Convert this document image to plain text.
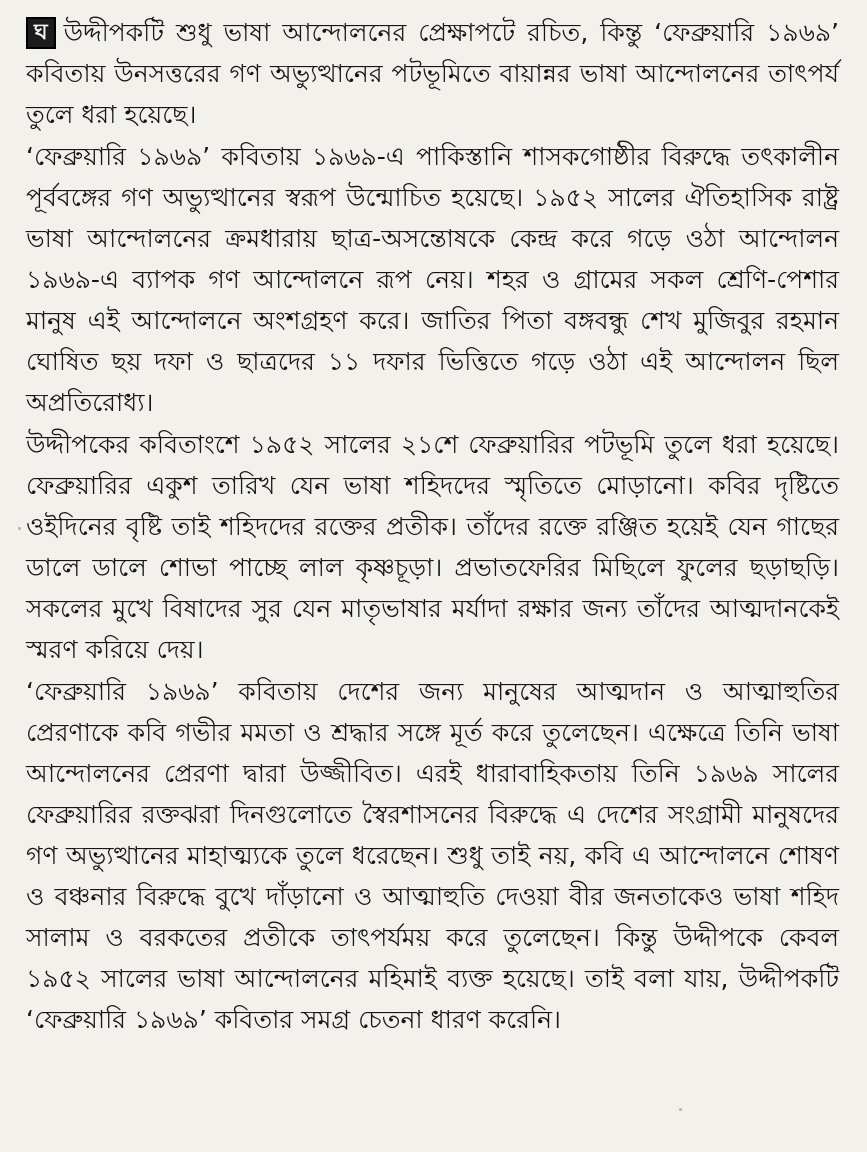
ঘ উদ্দীপকটি শুধু ভাষা আন্দোলনের প্রেক্ষাপটে রচিত, কিন্তু ‘ফেব্রুয়ারি ১৯৬৯’ কবিতায় উনসত্তরের গণ অভ্যুত্থানের পটভূমিতে বায়ান্নর ভাষা আন্দোলনের তাৎপর্য তুলে ধরা হয়েছে।

‘ফেব্রুয়ারি ১৯৬৯’ কবিতায় ১৯৬৯-এ পাকিস্তানি শাসকগোষ্ঠীর বিরুদ্ধে তৎকালীন পূর্ববঙ্গের গণ অভ্যুত্থানের স্বরূপ উন্মোচিত হয়েছে। ১৯৫২ সালের ঐতিহাসিক রাষ্ট্র ভাষা আন্দোলনের ক্রমধারায় ছাত্র-অসন্তোষকে কেন্দ্র করে গড়ে ওঠা আন্দোলন ১৯৬৯-এ ব্যাপক গণ আন্দোলনে রূপ নেয়। শহর ও গ্রামের সকল শ্রেণি-পেশার মানুষ এই আন্দোলনে অংশগ্রহণ করে। জাতির পিতা বঙ্গবন্ধু শেখ মুজিবুর রহমান ঘোষিত ছয় দফা ও ছাত্রদের ১১ দফার ভিত্তিতে গড়ে ওঠা এই আন্দোলন ছিল অপ্রতিরোধ্য।

উদ্দীপকের কবিতাংশে ১৯৫২ সালের ২১শে ফেব্রুয়ারির পটভূমি তুলে ধরা হয়েছে। ফেব্রুয়ারির একুশ তারিখ যেন ভাষা শহিদদের স্মৃতিতে মোড়ানো। কবির দৃষ্টিতে ওইদিনের বৃষ্টি তাই শহিদদের রক্তের প্রতীক। তাঁদের রক্তে রঞ্জিত হয়েই যেন গাছের ডালে ডালে শোভা পাচ্ছে লাল কৃষ্ণচূড়া। প্রভাতফেরির মিছিলে ফুলের ছড়াছড়ি। সকলের মুখে বিষাদের সুর যেন মাতৃভাষার মর্যাদা রক্ষার জন্য তাঁদের আত্মদানকেই স্মরণ করিয়ে দেয়।

‘ফেব্রুয়ারি ১৯৬৯’ কবিতায় দেশের জন্য মানুষের আত্মদান ও আত্মাহুতির প্রেরণাকে কবি গভীর মমতা ও শ্রদ্ধার সঙ্গে মূর্ত করে তুলেছেন। এক্ষেত্রে তিনি ভাষা আন্দোলনের প্রেরণা দ্বারা উজ্জীবিত। এরই ধারাবাহিকতায় তিনি ১৯৬৯ সালের ফেব্রুয়ারির রক্তঝরা দিনগুলোতে স্বৈরশাসনের বিরুদ্ধে এ দেশের সংগ্রামী মানুষদের গণ অভ্যুত্থানের মাহাত্ম্যকে তুলে ধরেছেন। শুধু তাই নয়, কবি এ আন্দোলনে শোষণ ও বঞ্চনার বিরুদ্ধে বুখে দাঁড়ানো ও আত্মাহুতি দেওয়া বীর জনতাকেও ভাষা শহিদ সালাম ও বরকতের প্রতীকে তাৎপর্যময় করে তুলেছেন। কিন্তু উদ্দীপকে কেবল ১৯৫২ সালের ভাষা আন্দোলনের মহিমাই ব্যক্ত হয়েছে। তাই বলা যায়, উদ্দীপকটি ‘ফেব্রুয়ারি ১৯৬৯’ কবিতার সমগ্র চেতনা ধারণ করেনি।
